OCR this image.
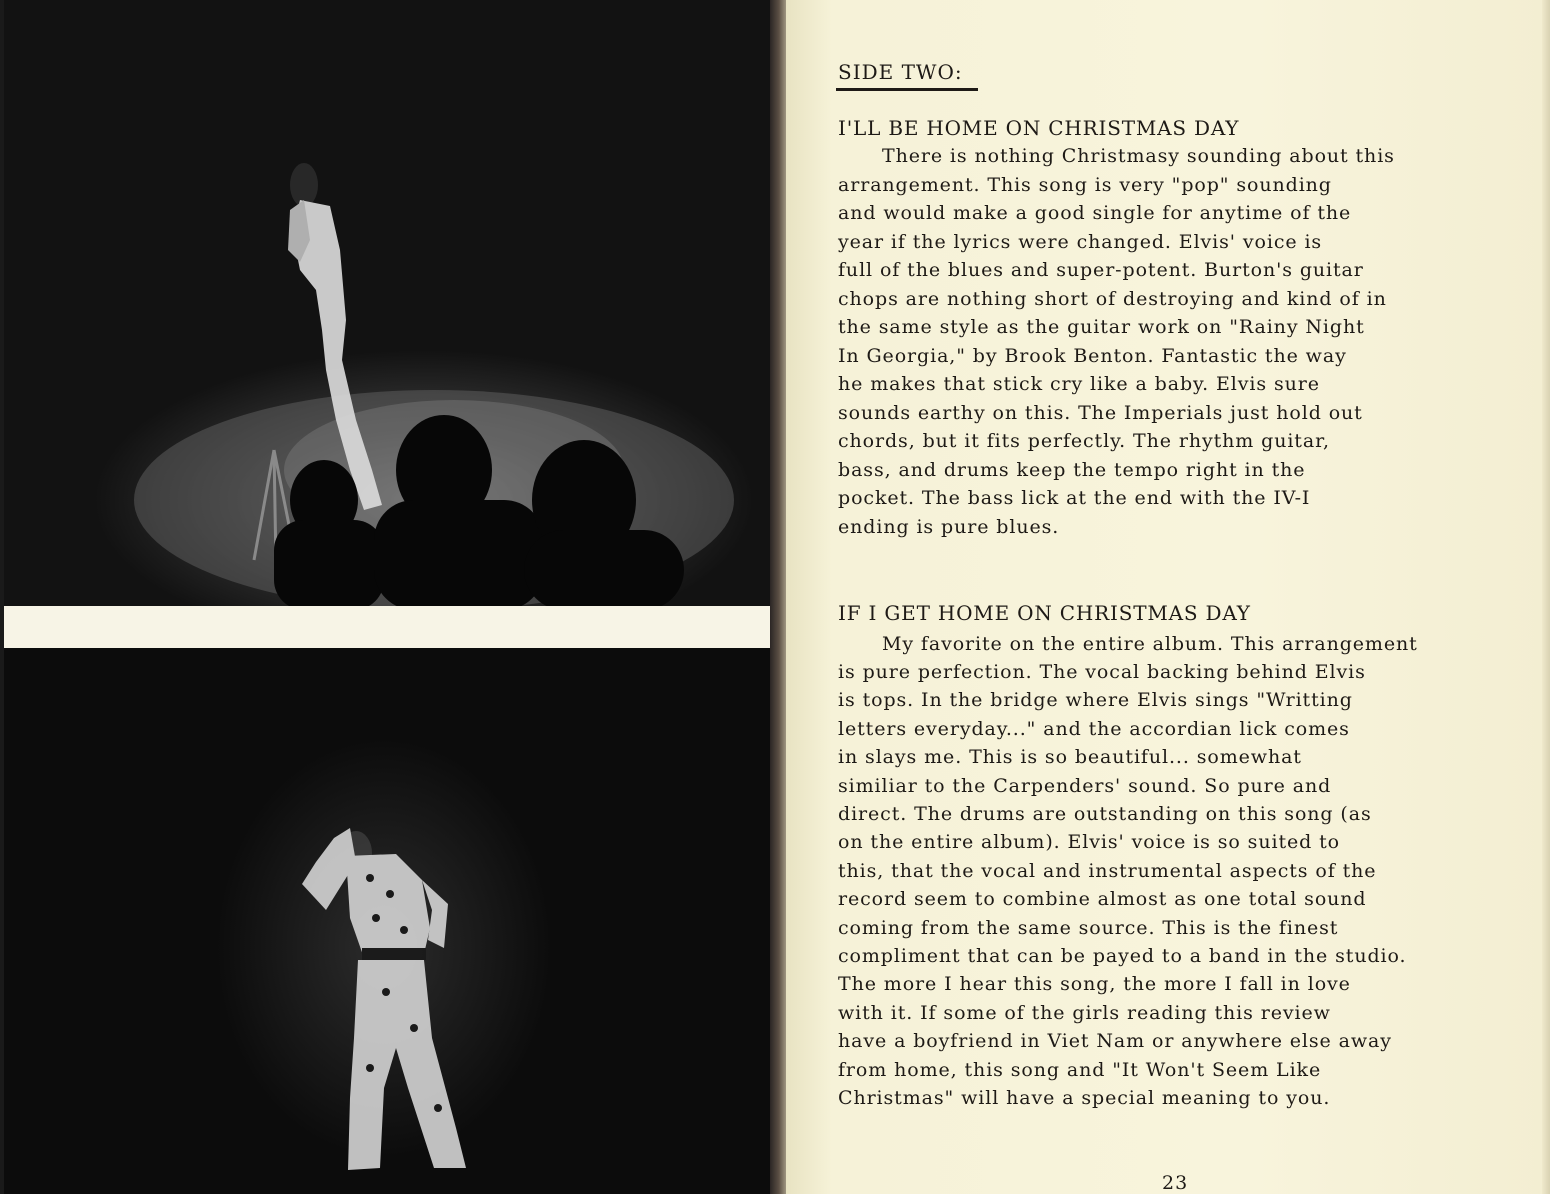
SIDE TWO:
I'LL BE HOME ON CHRISTMAS DAY
There is nothing Christmasy sounding about this
arrangement. This song is very "pop" sounding
and would make a good single for anytime of the
year if the lyrics were changed. Elvis' voice is
full of the blues and super-potent. Burton's guitar
chops are nothing short of destroying and kind of in
the same style as the guitar work on "Rainy Night
In Georgia," by Brook Benton. Fantastic the way
he makes that stick cry like a baby. Elvis sure
sounds earthy on this. The Imperials just hold out
chords, but it fits perfectly. The rhythm guitar,
bass, and drums keep the tempo right in the
pocket. The bass lick at the end with the IV-I
ending is pure blues.
IF I GET HOME ON CHRISTMAS DAY
My favorite on the entire album. This arrangement
is pure perfection. The vocal backing behind Elvis
is tops. In the bridge where Elvis sings "Writting
letters everyday..." and the accordian lick comes
in slays me. This is so beautiful... somewhat
similiar to the Carpenders' sound. So pure and
direct. The drums are outstanding on this song (as
on the entire album). Elvis' voice is so suited to
this, that the vocal and instrumental aspects of the
record seem to combine almost as one total sound
coming from the same source. This is the finest
compliment that can be payed to a band in the studio.
The more I hear this song, the more I fall in love
with it. If some of the girls reading this review
have a boyfriend in Viet Nam or anywhere else away
from home, this song and "It Won't Seem Like
Christmas" will have a special meaning to you.
23
